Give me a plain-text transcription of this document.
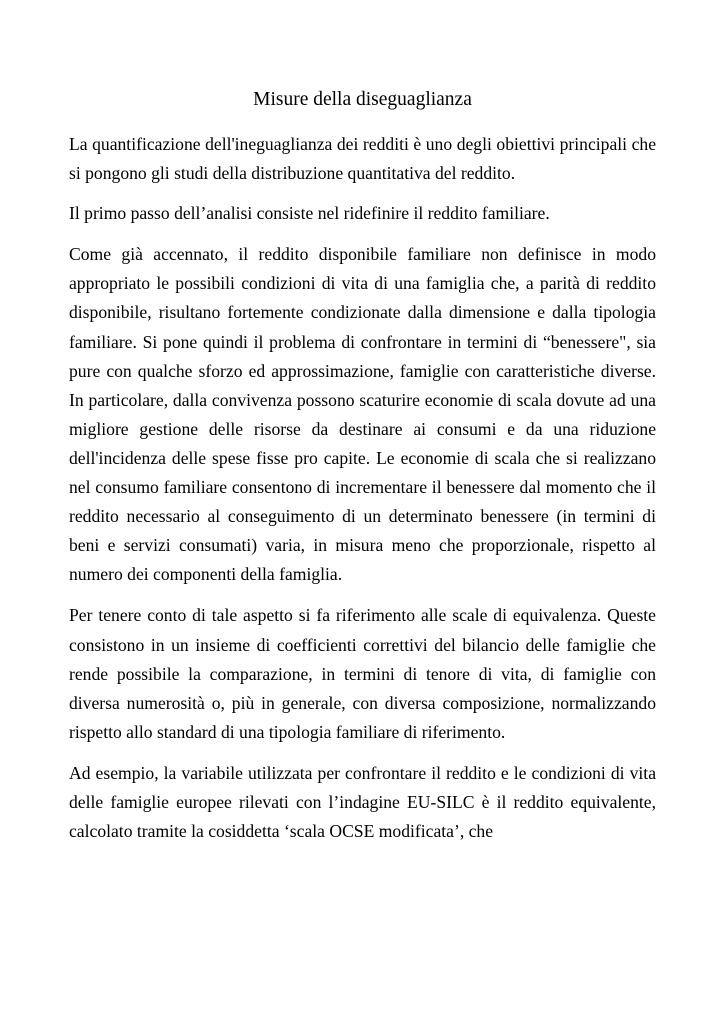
Misure della diseguaglianza

La quantificazione dell'ineguaglianza dei redditi è uno degli obiettivi principali che si pongono gli studi della distribuzione quantitativa del reddito.

Il primo passo dell’analisi consiste nel ridefinire il reddito familiare.

Come già accennato, il reddito disponibile familiare non definisce in modo appropriato le possibili condizioni di vita di una famiglia che, a parità di reddito disponibile, risultano fortemente condizionate dalla dimensione e dalla tipologia familiare. Si pone quindi il problema di confrontare in termini di “benessere", sia pure con qualche sforzo ed approssimazione, famiglie con caratteristiche diverse. In particolare, dalla convivenza possono scaturire economie di scala dovute ad una migliore gestione delle risorse da destinare ai consumi e da una riduzione dell'incidenza delle spese fisse pro capite. Le economie di scala che si realizzano nel consumo familiare consentono di incrementare il benessere dal momento che il reddito necessario al conseguimento di un determinato benessere (in termini di beni e servizi consumati) varia, in misura meno che proporzionale, rispetto al numero dei componenti della famiglia.

Per tenere conto di tale aspetto si fa riferimento alle scale di equivalenza. Queste consistono in un insieme di coefficienti correttivi del bilancio delle famiglie che rende possibile la comparazione, in termini di tenore di vita, di famiglie con diversa numerosità o, più in generale, con diversa composizione, normalizzando rispetto allo standard di una tipologia familiare di riferimento.

Ad esempio, la variabile utilizzata per confrontare il reddito e le condizioni di vita delle famiglie europee rilevati con l’indagine EU-SILC è il reddito equivalente, calcolato tramite la cosiddetta ‘scala OCSE modificata’, che
